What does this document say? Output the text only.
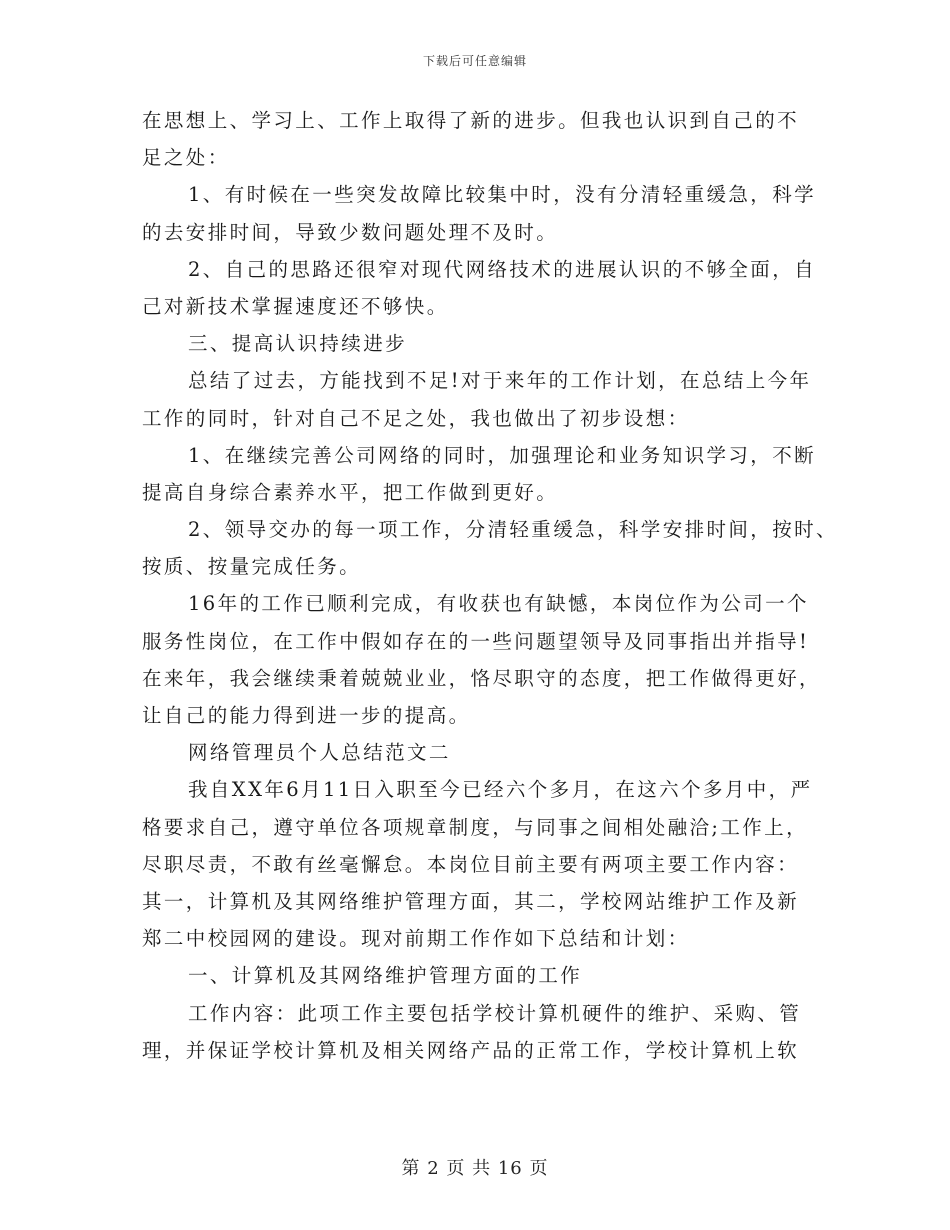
下载后可任意编辑
在思想上、学习上、工作上取得了新的进步。但我也认识到自己的不
足之处：
1、有时候在一些突发故障比较集中时，没有分清轻重缓急，科学
的去安排时间，导致少数问题处理不及时。
2、自己的思路还很窄对现代网络技术的进展认识的不够全面，自
己对新技术掌握速度还不够快。
三、提高认识持续进步
总结了过去，方能找到不足!对于来年的工作计划，在总结上今年
工作的同时，针对自己不足之处，我也做出了初步设想：
1、在继续完善公司网络的同时，加强理论和业务知识学习，不断
提高自身综合素养水平，把工作做到更好。
2、领导交办的每一项工作，分清轻重缓急，科学安排时间，按时、
按质、按量完成任务。
16年的工作已顺利完成，有收获也有缺憾，本岗位作为公司一个
服务性岗位，在工作中假如存在的一些问题望领导及同事指出并指导!
在来年，我会继续秉着兢兢业业，恪尽职守的态度，把工作做得更好，
让自己的能力得到进一步的提高。
网络管理员个人总结范文二
我自XX年6月11日入职至今已经六个多月，在这六个多月中，严
格要求自己，遵守单位各项规章制度，与同事之间相处融洽;工作上，
尽职尽责，不敢有丝毫懈怠。本岗位目前主要有两项主要工作内容：
其一，计算机及其网络维护管理方面，其二，学校网站维护工作及新
郑二中校园网的建设。现对前期工作作如下总结和计划：
一、计算机及其网络维护管理方面的工作
工作内容：此项工作主要包括学校计算机硬件的维护、采购、管
理，并保证学校计算机及相关网络产品的正常工作，学校计算机上软
第 2 页 共 16 页
